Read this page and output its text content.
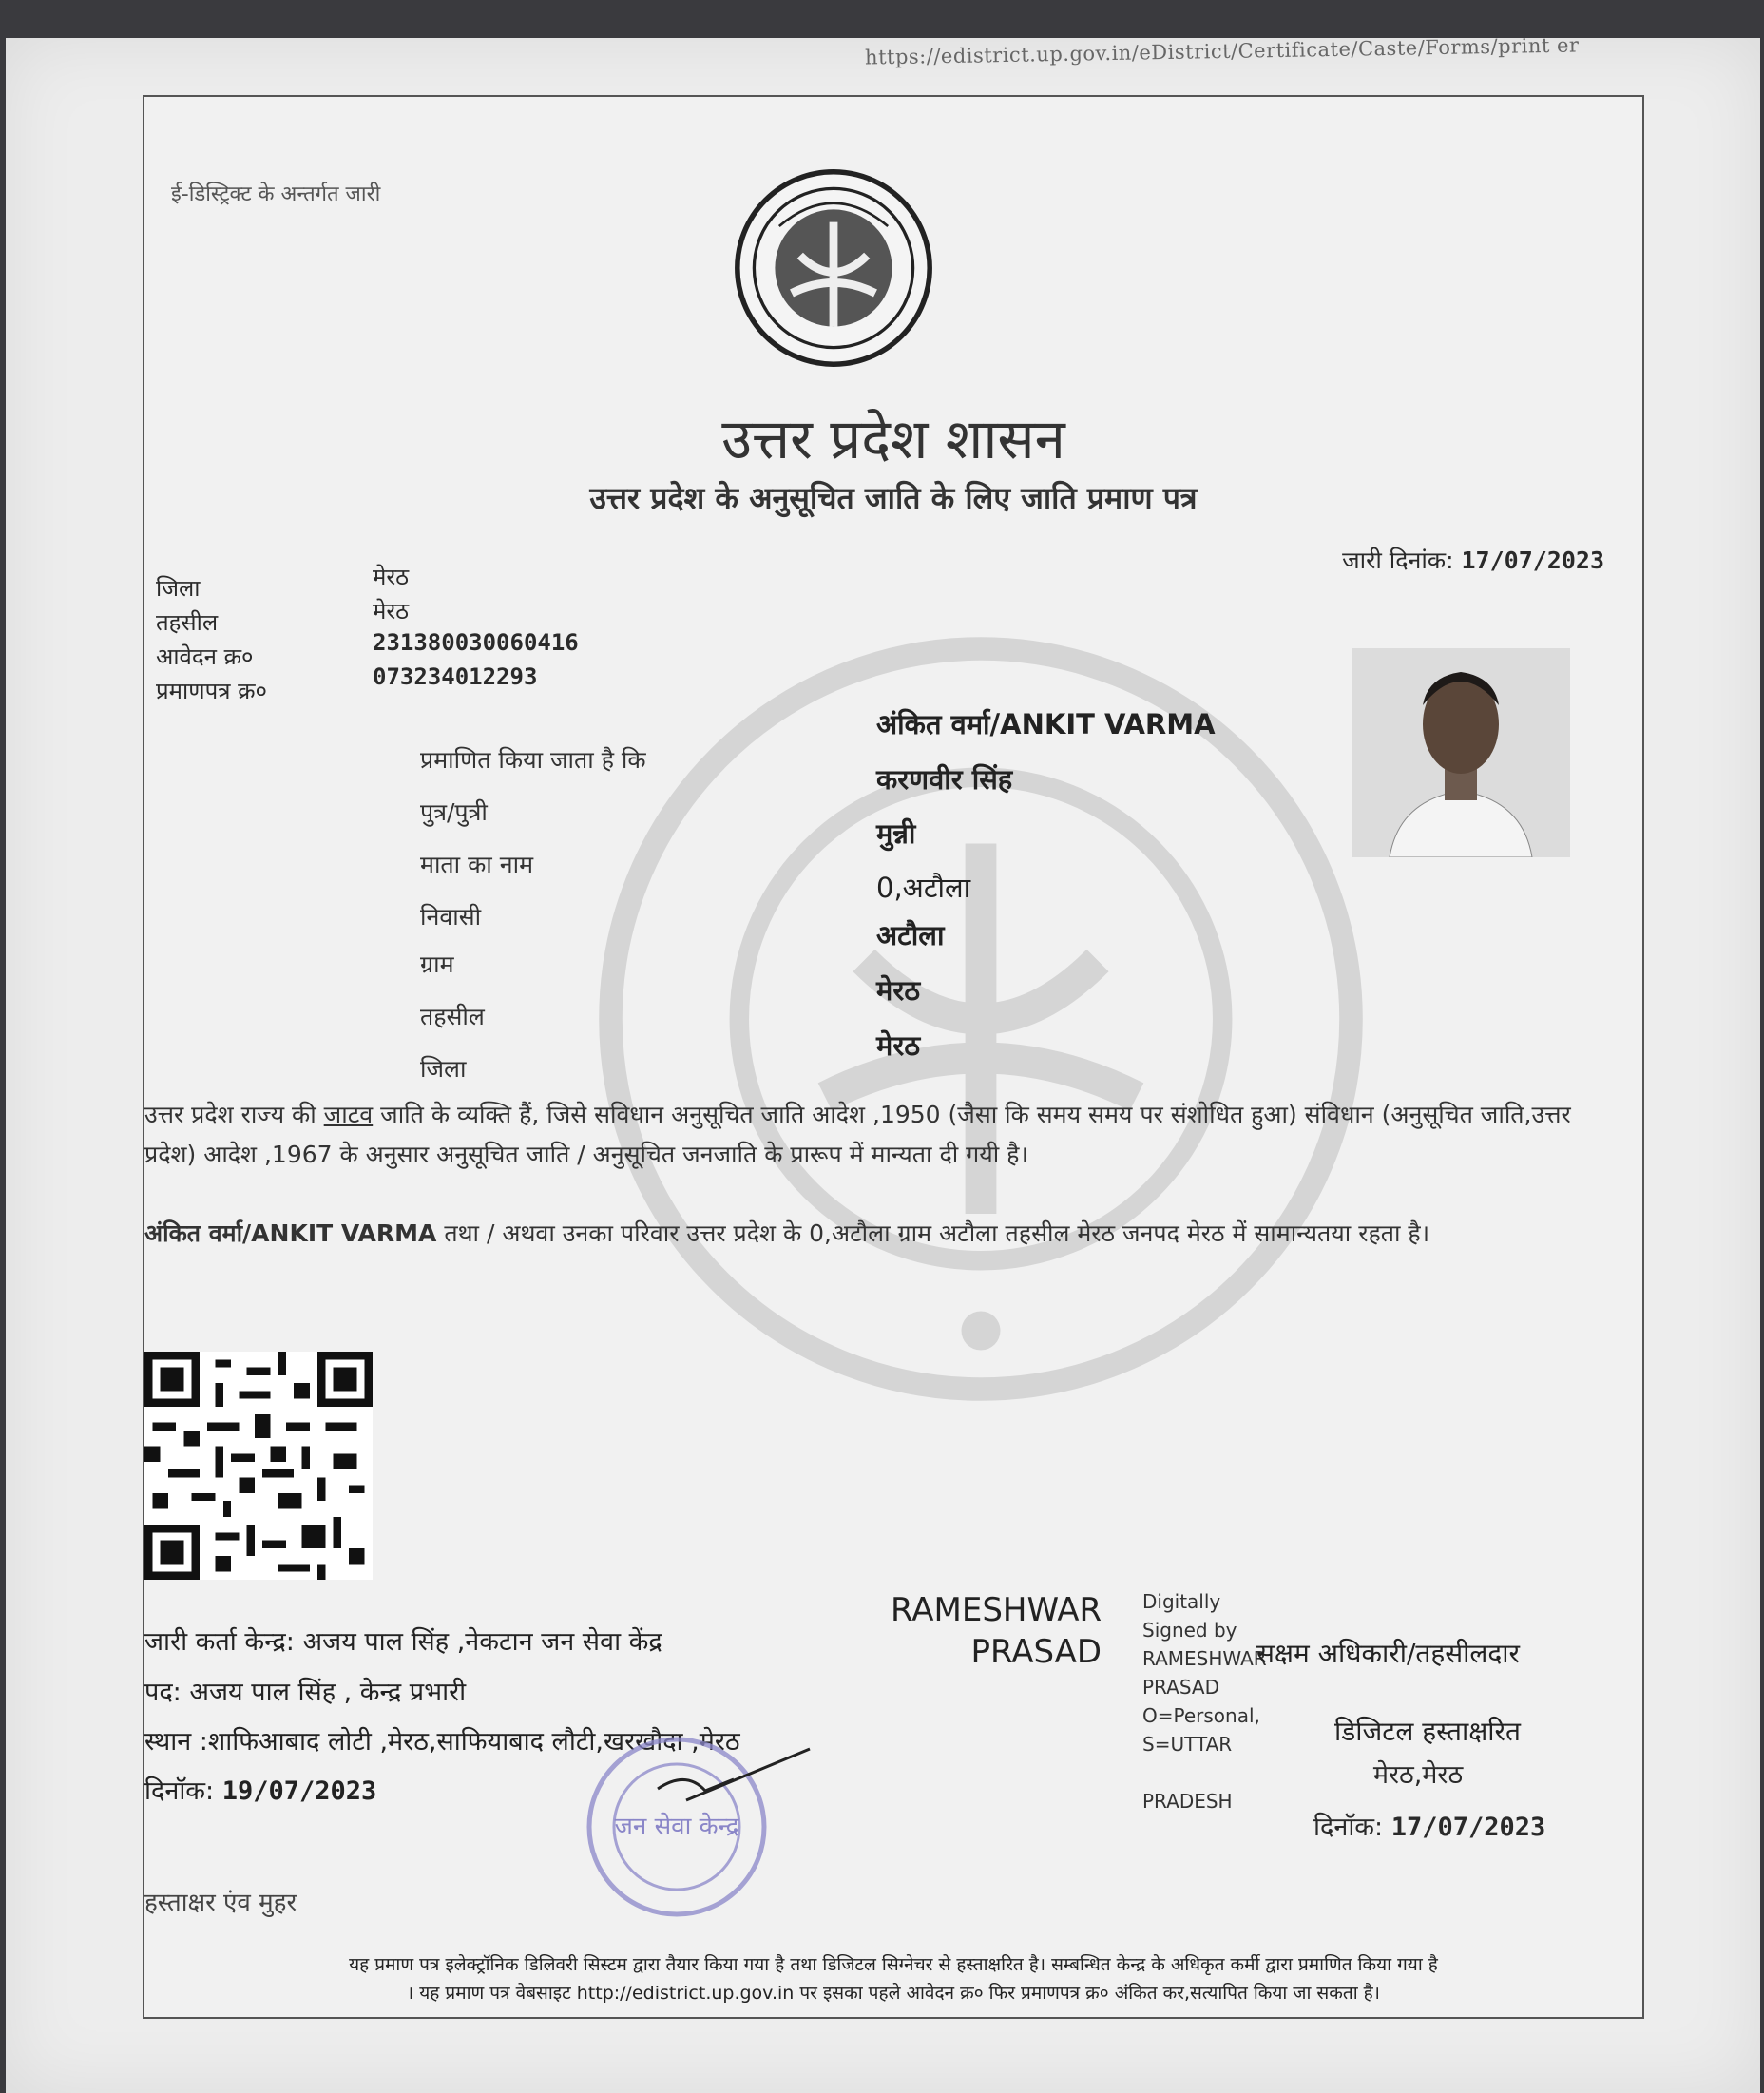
https://edistrict.up.gov.in/eDistrict/Certificate/Caste/Forms/print er
ई-डिस्ट्रिक्ट के अन्तर्गत जारी
उत्तर प्रदेश शासन
उत्तर प्रदेश के अनुसूचित जाति के लिए जाति प्रमाण पत्र
जारी दिनांक: 17/07/2023
जिला	मेरठ
तहसील	मेरठ
आवेदन क्र०
231380030060416
प्रमाणपत्र क्र०
073234012293
प्रमाणित किया जाता है कि
अंकित वर्मा/ANKIT VARMA
पुत्र/पुत्री
करणवीर सिंह
माता का नाम
मुन्नी
निवासी
0,अटौला
ग्राम
अटौला
तहसील
मेरठ
जिला
मेरठ
उत्तर प्रदेश राज्य की जाटव जाति के व्यक्ति हैं, जिसे सविधान अनुसूचित जाति आदेश ,1950 (जैसा कि समय समय पर संशोधित हुआ) संविधान (अनुसूचित जाति,उत्तर प्रदेश) आदेश ,1967 के अनुसार अनुसूचित जाति / अनुसूचित जनजाति के प्रारूप में मान्यता दी गयी है।
अंकित वर्मा/ANKIT VARMA तथा / अथवा उनका परिवार उत्तर प्रदेश के 0,अटौला ग्राम अटौला तहसील मेरठ जनपद मेरठ में सामान्यतया रहता है।
जारी कर्ता केन्द्र: अजय पाल सिंह ,नेकटान जन सेवा केंद्र
पद: अजय पाल सिंह , केन्द्र प्रभारी
स्थान :शाफिआबाद लोटी ,मेरठ,साफियाबाद लौटी,खरखौदा ,मेरठ
दिनॉक: 19/07/2023
RAMESHWAR
PRASAD
Digitally
Signed by
RAMESHWAR
PRASAD
O=Personal,
S=UTTAR

PRADESH
सक्षम अधिकारी/तहसीलदार
डिजिटल हस्ताक्षरित
मेरठ,मेरठ
दिनॉक: 17/07/2023
जन सेवा केन्द्र
हस्ताक्षर एंव मुहर
यह प्रमाण पत्र इलेक्ट्रॉनिक डिलिवरी सिस्टम द्वारा तैयार किया गया है तथा डिजिटल सिग्नेचर से हस्ताक्षरित है। सम्बन्धित केन्द्र के अधिकृत कर्मी द्वारा प्रमाणित किया गया है
। यह प्रमाण पत्र वेबसाइट http://edistrict.up.gov.in पर इसका पहले आवेदन क्र० फिर प्रमाणपत्र क्र० अंकित कर,सत्यापित किया जा सकता है।
